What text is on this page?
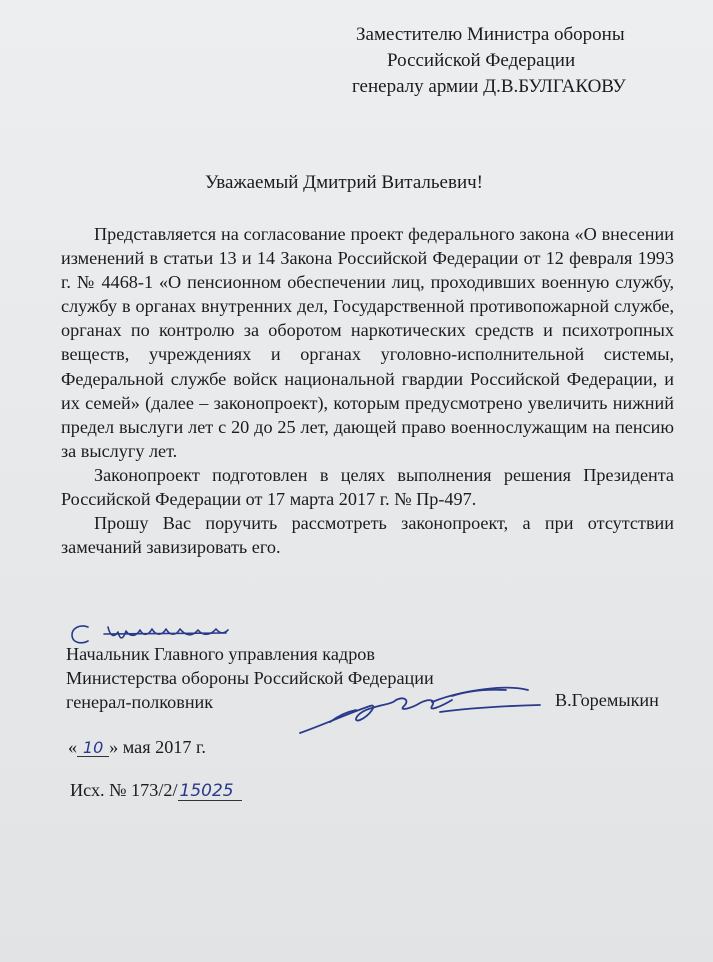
Заместителю Министра обороны
Российской Федерации
генералу армии Д.В.БУЛГАКОВУ
Уважаемый Дмитрий Витальевич!

Представляется на согласование проект федерального закона «О внесении изменений в статьи 13 и 14 Закона Российской Федерации от 12 февраля 1993 г. № 4468-1 «О пенсионном обеспечении лиц, проходивших военную службу, службу в органах внутренних дел, Государственной противопожарной службе, органах по контролю за оборотом наркотических средств и психотропных веществ, учреждениях и органах уголовно-исполнительной системы, Федеральной службе войск национальной гвардии Российской Федерации, и их семей» (далее – законопроект), которым предусмотрено увеличить нижний предел выслуги лет с 20 до 25 лет, дающей право военнослужащим на пенсию за выслугу лет.

Законопроект подготовлен в целях выполнения решения Президента Российской Федерации от 17 марта 2017 г. № Пр-497.

Прошу Вас поручить рассмотреть законопроект, а при отсутствии замечаний завизировать его.

Начальник Главного управления кадров
Министерства обороны Российской Федерации
генерал-полковник	В.Горемыкин
« 10 » мая 2017 г.
Исх. № 173/2/ 15025
